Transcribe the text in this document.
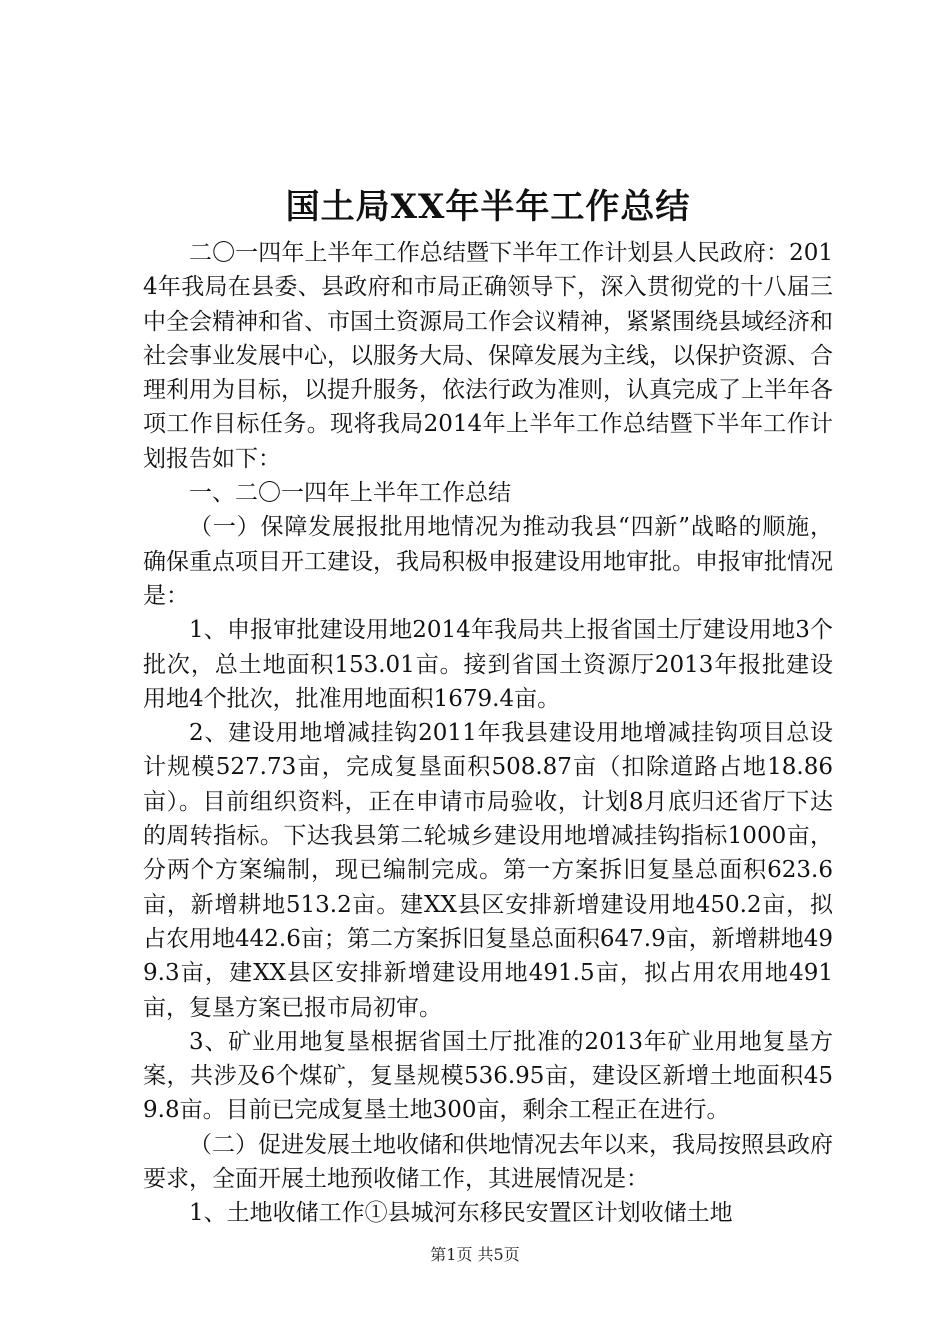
国土局XX年半年工作总结

二〇一四年上半年工作总结暨下半年工作计划县人民政府：2014年我局在县委、县政府和市局正确领导下，深入贯彻党的十八届三中全会精神和省、市国土资源局工作会议精神，紧紧围绕县域经济和社会事业发展中心，以服务大局、保障发展为主线，以保护资源、合理利用为目标，以提升服务，依法行政为准则，认真完成了上半年各项工作目标任务。现将我局2014年上半年工作总结暨下半年工作计划报告如下：

一、二〇一四年上半年工作总结

（一）保障发展报批用地情况为推动我县“四新”战略的顺施，确保重点项目开工建设，我局积极申报建设用地审批。申报审批情况是：

1、申报审批建设用地2014年我局共上报省国土厅建设用地3个批次，总土地面积153.01亩。接到省国土资源厅2013年报批建设用地4个批次，批准用地面积1679.4亩。

2、建设用地增减挂钩2011年我县建设用地增减挂钩项目总设计规模527.73亩，完成复垦面积508.87亩（扣除道路占地18.86亩）。目前组织资料，正在申请市局验收，计划8月底归还省厅下达的周转指标。下达我县第二轮城乡建设用地增减挂钩指标1000亩，分两个方案编制，现已编制完成。第一方案拆旧复垦总面积623.6亩，新增耕地513.2亩。建XX县区安排新增建设用地450.2亩，拟占农用地442.6亩；第二方案拆旧复垦总面积647.9亩，新增耕地499.3亩，建XX县区安排新增建设用地491.5亩，拟占用农用地491亩，复垦方案已报市局初审。

3、矿业用地复垦根据省国土厅批准的2013年矿业用地复垦方案，共涉及6个煤矿，复垦规模536.95亩，建设区新增土地面积459.8亩。目前已完成复垦土地300亩，剩余工程正在进行。

（二）促进发展土地收储和供地情况去年以来，我局按照县政府要求，全面开展土地预收储工作，其进展情况是：

1、土地收储工作①县城河东移民安置区计划收储土地

第1页 共5页
